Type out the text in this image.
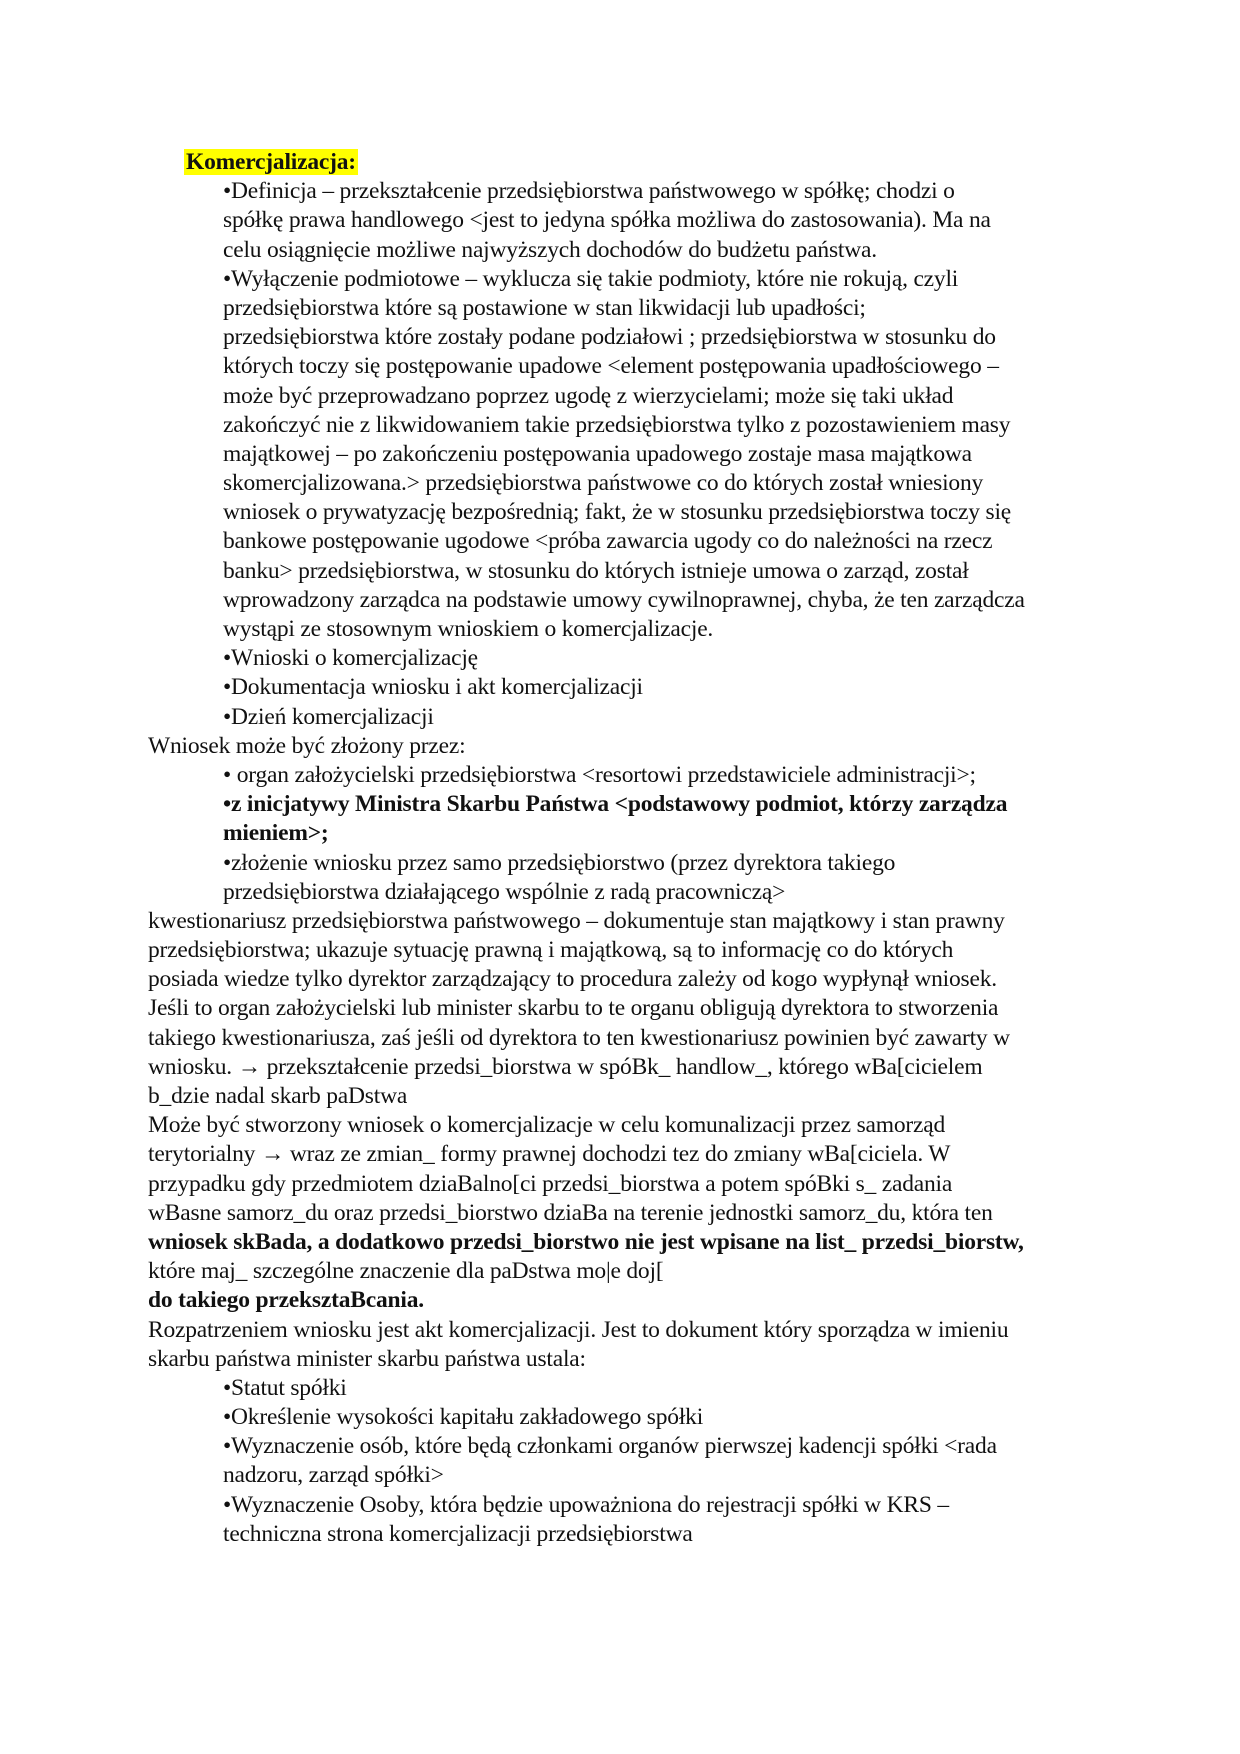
Komercjalizacja:
•Definicja – przekształcenie przedsiębiorstwa państwowego w spółkę; chodzi o
spółkę prawa handlowego <jest to jedyna spółka możliwa do zastosowania). Ma na
celu osiągnięcie możliwe najwyższych dochodów do budżetu państwa.
•Wyłączenie podmiotowe – wyklucza się takie podmioty, które nie rokują, czyli
przedsiębiorstwa które są postawione w stan likwidacji lub upadłości;
przedsiębiorstwa które zostały podane podziałowi ; przedsiębiorstwa w stosunku do
których toczy się postępowanie upadowe <element postępowania upadłościowego –
może być przeprowadzano poprzez ugodę z wierzycielami; może się taki układ
zakończyć nie z likwidowaniem takie przedsiębiorstwa tylko z pozostawieniem masy
majątkowej – po zakończeniu postępowania upadowego zostaje masa majątkowa
skomercjalizowana.> przedsiębiorstwa państwowe co do których został wniesiony
wniosek o prywatyzację bezpośrednią; fakt, że w stosunku przedsiębiorstwa toczy się
bankowe postępowanie ugodowe <próba zawarcia ugody co do należności na rzecz
banku> przedsiębiorstwa, w stosunku do których istnieje umowa o zarząd, został
wprowadzony zarządca na podstawie umowy cywilnoprawnej, chyba, że ten zarządcza
wystąpi ze stosownym wnioskiem o komercjalizacje.
•Wnioski o komercjalizację
•Dokumentacja wniosku i akt komercjalizacji
•Dzień komercjalizacji
Wniosek może być złożony przez:
• organ założycielski przedsiębiorstwa <resortowi przedstawiciele administracji>;
•z inicjatywy Ministra Skarbu Państwa <podstawowy podmiot, którzy zarządza
mieniem>;
•złożenie wniosku przez samo przedsiębiorstwo (przez dyrektora takiego
przedsiębiorstwa działającego wspólnie z radą pracowniczą>
kwestionariusz przedsiębiorstwa państwowego – dokumentuje stan majątkowy i stan prawny
przedsiębiorstwa; ukazuje sytuację prawną i majątkową, są to informację co do których
posiada wiedze tylko dyrektor zarządzający to procedura zależy od kogo wypłynął wniosek.
Jeśli to organ założycielski lub minister skarbu to te organu obligują dyrektora to stworzenia
takiego kwestionariusza, zaś jeśli od dyrektora to ten kwestionariusz powinien być zawarty w
wniosku. → przekształcenie przedsi_biorstwa w spóBk_ handlow_, którego wBa[cicielem
b_dzie nadal skarb paDstwa
Może być stworzony wniosek o komercjalizacje w celu komunalizacji przez samorząd
terytorialny → wraz ze zmian_ formy prawnej dochodzi tez do zmiany wBa[ciciela. W
przypadku gdy przedmiotem dziaBalno[ci przedsi_biorstwa a potem spóBki s_ zadania
wBasne samorz_du oraz przedsi_biorstwo dziaBa na terenie jednostki samorz_du, która ten
wniosek skBada, a dodatkowo przedsi_biorstwo nie jest wpisane na list_ przedsi_biorstw,
które maj_ szczególne znaczenie dla paDstwa mo|e doj[
do takiego przeksztaBcania.
Rozpatrzeniem wniosku jest akt komercjalizacji. Jest to dokument który sporządza w imieniu
skarbu państwa minister skarbu państwa ustala:
•Statut spółki
•Określenie wysokości kapitału zakładowego spółki
•Wyznaczenie osób, które będą członkami organów pierwszej kadencji spółki <rada
nadzoru, zarząd spółki>
•Wyznaczenie Osoby, która będzie upoważniona do rejestracji spółki w KRS –
techniczna strona komercjalizacji przedsiębiorstwa
